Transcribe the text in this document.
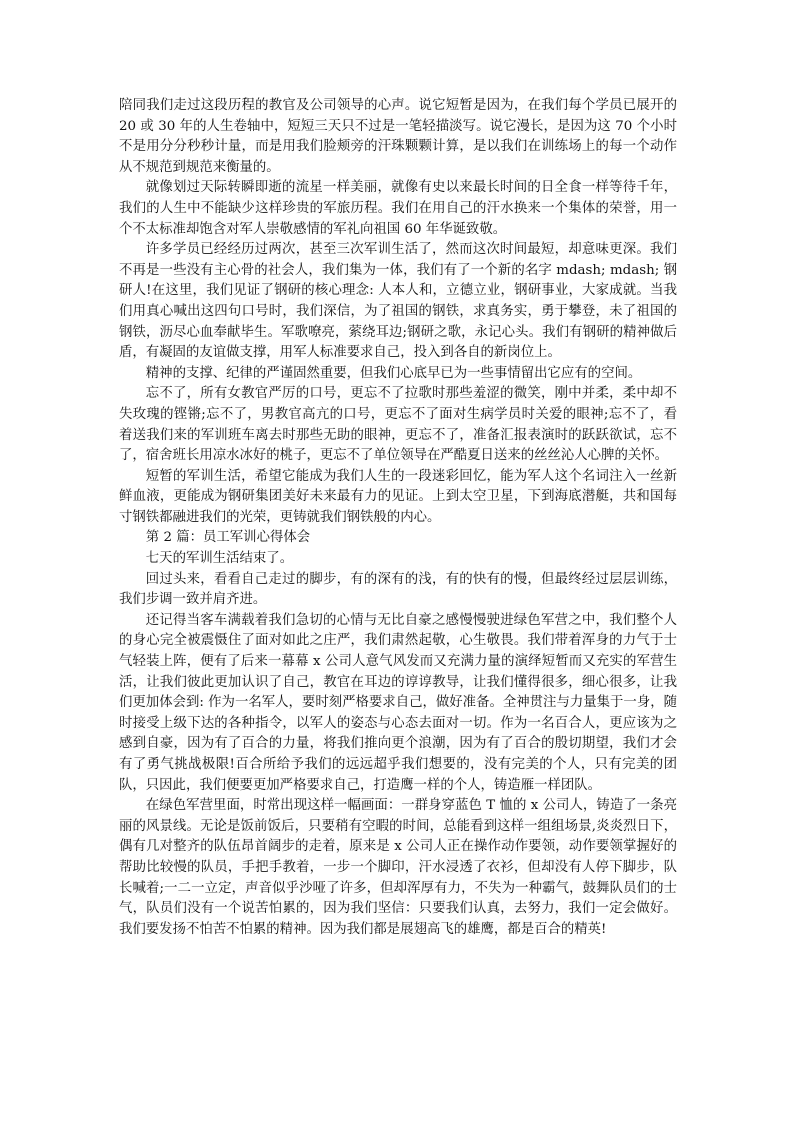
陪同我们走过这段历程的教官及公司领导的心声。说它短暂是因为，在我们每个学员已展开的 20 或 30 年的人生卷轴中，短短三天只不过是一笔轻描淡写。说它漫长，是因为这 70 个小时不是用分分秒秒计量，而是用我们脸颊旁的汗珠颗颗计算，是以我们在训练场上的每一个动作从不规范到规范来衡量的。

就像划过天际转瞬即逝的流星一样美丽，就像有史以来最长时间的日全食一样等待千年，我们的人生中不能缺少这样珍贵的军旅历程。我们在用自己的汗水换来一个集体的荣誉，用一个不太标准却饱含对军人崇敬感情的军礼向祖国 60 年华诞致敬。

许多学员已经经历过两次，甚至三次军训生活了，然而这次时间最短，却意味更深。我们不再是一些没有主心骨的社会人，我们集为一体，我们有了一个新的名字 mdash; mdash; 钢研人!在这里，我们见证了钢研的核心理念: 人本人和，立德立业，钢研事业，大家成就。当我们用真心喊出这四句口号时，我们深信，为了祖国的钢铁，求真务实，勇于攀登，未了祖国的钢铁，沥尽心血奉献毕生。军歌嘹亮，萦绕耳边;钢研之歌，永记心头。我们有钢研的精神做后盾，有凝固的友谊做支撑，用军人标准要求自己，投入到各自的新岗位上。

精神的支撑、纪律的严谨固然重要，但我们心底早已为一些事情留出它应有的空间。

忘不了，所有女教官严厉的口号，更忘不了拉歌时那些羞涩的微笑，刚中并柔，柔中却不失玫瑰的铿锵;忘不了，男教官高亢的口号，更忘不了面对生病学员时关爱的眼神;忘不了，看着送我们来的军训班车离去时那些无助的眼神，更忘不了，准备汇报表演时的跃跃欲试，忘不了，宿舍班长用凉水冰好的桃子，更忘不了单位领导在严酷夏日送来的丝丝沁人心脾的关怀。

短暂的军训生活，希望它能成为我们人生的一段迷彩回忆，能为军人这个名词注入一丝新鲜血液，更能成为钢研集团美好未来最有力的见证。上到太空卫星，下到海底潜艇，共和国每寸钢铁都融进我们的光荣，更铸就我们钢铁般的内心。

第 2 篇：员工军训心得体会

七天的军训生活结束了。

回过头来，看看自己走过的脚步，有的深有的浅，有的快有的慢，但最终经过层层训练，我们步调一致并肩齐进。

还记得当客车满载着我们急切的心情与无比自豪之感慢慢驶进绿色军营之中，我们整个人的身心完全被震慑住了面对如此之庄严，我们肃然起敬，心生敬畏。我们带着浑身的力气于士气轻装上阵，便有了后来一幕幕 x 公司人意气风发而又充满力量的演绎短暂而又充实的军营生活，让我们彼此更加认识了自己，教官在耳边的谆谆教导，让我们懂得很多，细心很多，让我们更加体会到: 作为一名军人，要时刻严格要求自己，做好准备。全神贯注与力量集于一身，随时接受上级下达的各种指令，以军人的姿态与心态去面对一切。作为一名百合人，更应该为之感到自豪，因为有了百合的力量，将我们推向更个浪潮，因为有了百合的殷切期望，我们才会有了勇气挑战极限!百合所给予我们的远远超乎我们想要的，没有完美的个人，只有完美的团队，只因此，我们便要更加严格要求自己，打造鹰一样的个人，铸造雁一样团队。

在绿色军营里面，时常出现这样一幅画面：一群身穿蓝色 T 恤的 x 公司人，铸造了一条亮丽的风景线。无论是饭前饭后，只要稍有空暇的时间，总能看到这样一组组场景,炎炎烈日下，偶有几对整齐的队伍昂首阔步的走着，原来是 x 公司人正在操作动作要领，动作要领掌握好的帮助比较慢的队员，手把手教着，一步一个脚印，汗水浸透了衣衫，但却没有人停下脚步，队长喊着;一二一立定，声音似乎沙哑了许多，但却浑厚有力，不失为一种霸气，鼓舞队员们的士气，队员们没有一个说苦怕累的，因为我们坚信：只要我们认真，去努力，我们一定会做好。我们要发扬不怕苦不怕累的精神。因为我们都是展翅高飞的雄鹰，都是百合的精英!
